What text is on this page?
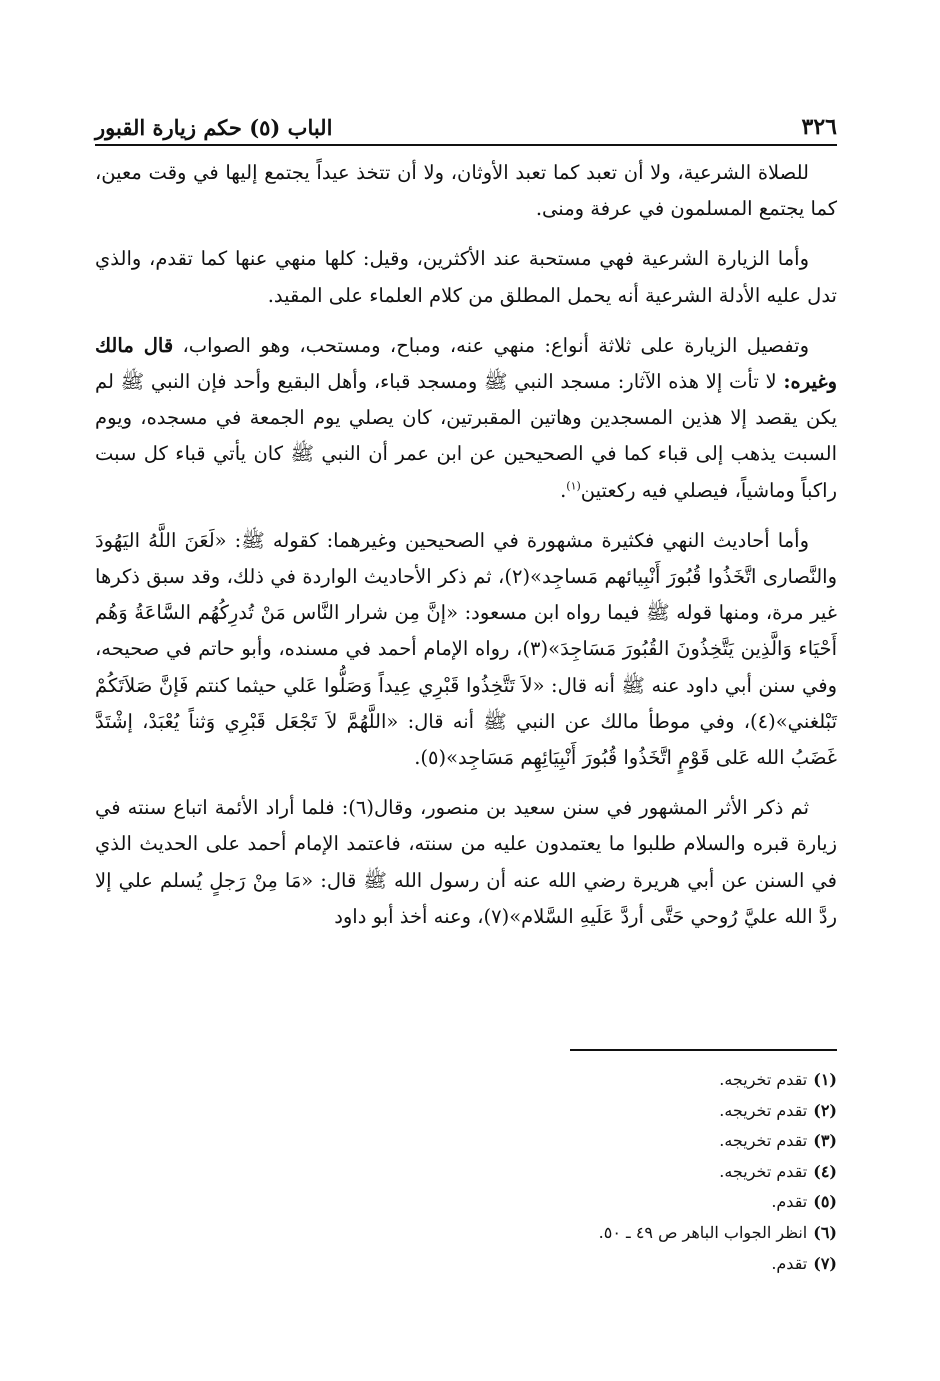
٣٢٦
الباب (٥) حكم زيارة القبور

للصلاة الشرعية، ولا أن تعبد كما تعبد الأوثان، ولا أن تتخذ عيداً يجتمع إليها في وقت معين، كما يجتمع المسلمون في عرفة ومنى.

وأما الزيارة الشرعية فهي مستحبة عند الأكثرين، وقيل: كلها منهي عنها كما تقدم، والذي تدل عليه الأدلة الشرعية أنه يحمل المطلق من كلام العلماء على المقيد.

وتفصيل الزيارة على ثلاثة أنواع: منهي عنه، ومباح، ومستحب، وهو الصواب، قال مالك وغيره: لا تأت إلا هذه الآثار: مسجد النبي ﷺ ومسجد قباء، وأهل البقيع وأحد فإن النبي ﷺ لم يكن يقصد إلا هذين المسجدين وهاتين المقبرتين، كان يصلي يوم الجمعة في مسجده، ويوم السبت يذهب إلى قباء كما في الصحيحين عن ابن عمر أن النبي ﷺ كان يأتي قباء كل سبت راكباً وماشياً، فيصلي فيه ركعتين$^{(١)}$.

وأما أحاديث النهي فكثيرة مشهورة في الصحيحين وغيرهما: كقوله ﷺ: «لَعَنَ اللَّهُ اليَهُودَ والنَّصارى اتَّخَذُوا قُبُورَ أَنْبِيائهم مَساجِد»(٢)، ثم ذكر الأحاديث الواردة في ذلك، وقد سبق ذكرها غير مرة، ومنها قوله ﷺ فيما رواه ابن مسعود: «إنَّ مِن شرار النَّاس مَنْ تُدرِكُهُم السَّاعَةُ وَهُم أَحْيَاء وَالَّذِين يَتَّخِذُونَ القُبُورَ مَسَاجِدَ»(٣)، رواه الإمام أحمد في مسنده، وأبو حاتم في صحيحه، وفي سنن أبي داود عنه ﷺ أنه قال: «لاَ تَتَّخِذُوا قَبْرِي عِيداً وَصَلُّوا عَلي حيثما كنتم فَإنَّ صَلاَتَكُمْ تَبْلغني»(٤)، وفي موطأ مالك عن النبي ﷺ أنه قال: «اللَّهُمَّ لاَ تَجْعَل قَبْرِي وَثناً يُعْبَدْ، إشْتَدَّ غَضَبُ الله عَلى قَوْمٍ اتَّخَذُوا قُبُورَ أَنْبِيَائِهِم مَسَاجِد»(٥).

ثم ذكر الأثر المشهور في سنن سعيد بن منصور، وقال(٦): فلما أراد الأئمة اتباع سنته في زيارة قبره والسلام طلبوا ما يعتمدون عليه من سنته، فاعتمد الإمام أحمد على الحديث الذي في السنن عن أبي هريرة رضي الله عنه أن رسول الله ﷺ قال: «مَا مِنْ رَجلٍ يُسلم علي إلا ردَّ الله عليَّ رُوحي حَتَّى أردَّ عَلَيهِ السَّلام»(٧)، وعنه أخذ أبو داود

(١)تقدم تخريجه.
(٢)تقدم تخريجه.
(٣)تقدم تخريجه.
(٤)تقدم تخريجه.
(٥)تقدم.
(٦)انظر الجواب الباهر ص ٤٩ ـ ٥٠.
(٧)تقدم.
